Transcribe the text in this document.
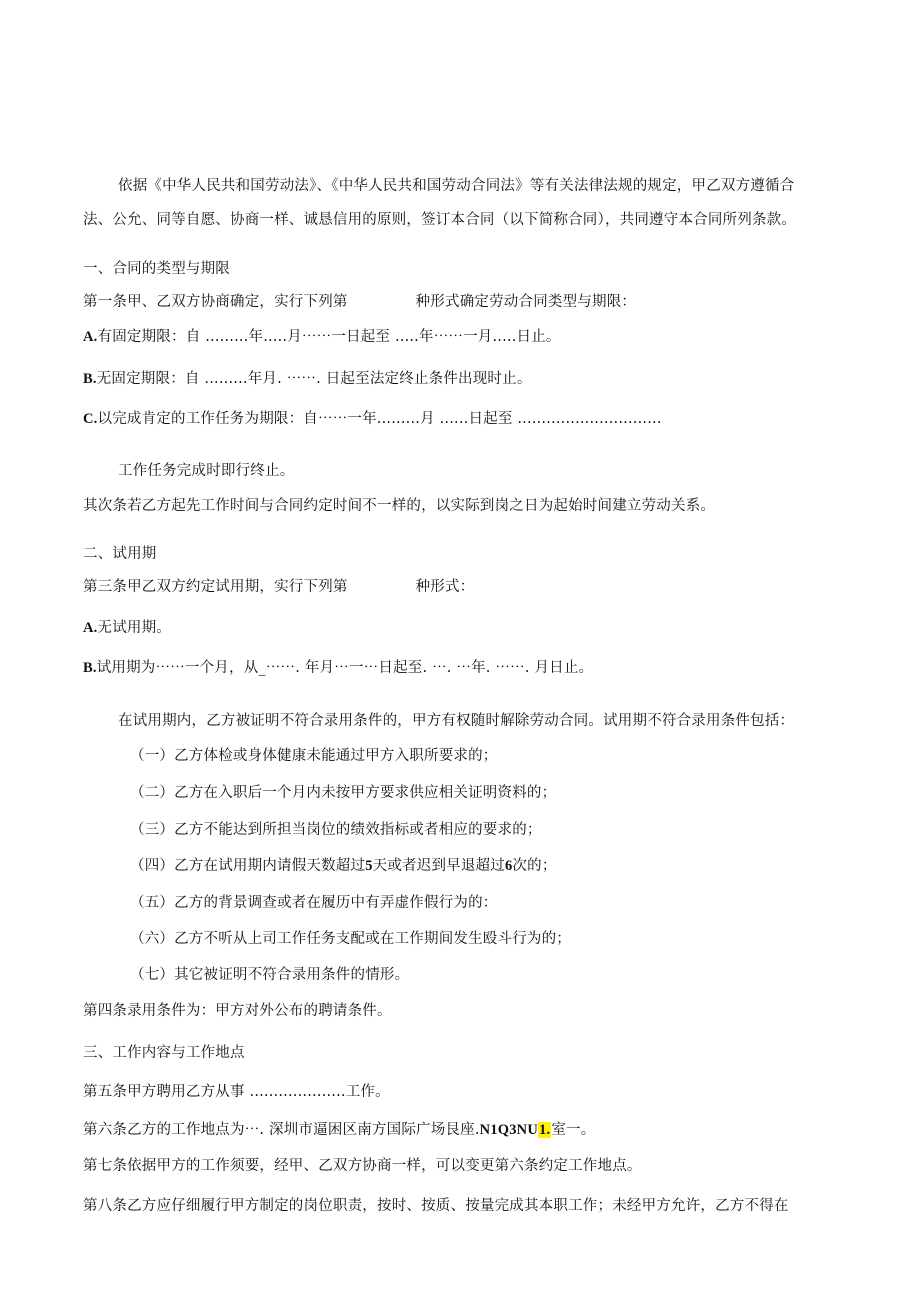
依据《中华人民共和国劳动法》、《中华人民共和国劳动合同法》等有关法律法规的规定，甲乙双方遵循合
法、公允、同等自愿、协商一样、诚恳信用的原则，签订本合同（以下简称合同），共同遵守本合同所列条款。
一、合同的类型与期限
第一条甲、乙双方协商确定，实行下列第	种形式确定劳动合同类型与期限：
A.有固定期限：自 .........年.....月⋯⋯一日起至 .....年⋯⋯一月.....日止。
B.无固定期限：自 .........年月. ⋯⋯. 日起至法定终止条件出现时止。
C.以完成肯定的工作任务为期限：自⋯⋯一年.........月 ......日起至 ..............................
工作任务完成时即行终止。
其次条若乙方起先工作时间与合同约定时间不一样的，以实际到岗之日为起始时间建立劳动关系。
二、试用期
第三条甲乙双方约定试用期，实行下列第	种形式：
A.无试用期。
B.试用期为⋯⋯一个月，从_⋯⋯. 年月⋯一⋯日起至. ⋯. ⋯年. ⋯⋯. 月日止。
在试用期内，乙方被证明不符合录用条件的，甲方有权随时解除劳动合同。试用期不符合录用条件包括：
（一）乙方体检或身体健康未能通过甲方入职所要求的；
（二）乙方在入职后一个月内未按甲方要求供应相关证明资料的；
（三）乙方不能达到所担当岗位的绩效指标或者相应的要求的；
（四）乙方在试用期内请假天数超过5天或者迟到早退超过6次的；
（五）乙方的背景调查或者在履历中有弄虚作假行为的：
（六）乙方不听从上司工作任务支配或在工作期间发生殴斗行为的；
（七）其它被证明不符合录用条件的情形。
第四条录用条件为：甲方对外公布的聘请条件。
三、工作内容与工作地点
第五条甲方聘用乙方从事 ....................工作。
第六条乙方的工作地点为⋯. 深圳市逼困区南方国际广场艮座.N1Q3NU1.室一。
第七条依据甲方的工作须要，经甲、乙双方协商一样，可以变更第六条约定工作地点。
第八条乙方应仔细履行甲方制定的岗位职责，按时、按质、按量完成其本职工作；未经甲方允许，乙方不得在
